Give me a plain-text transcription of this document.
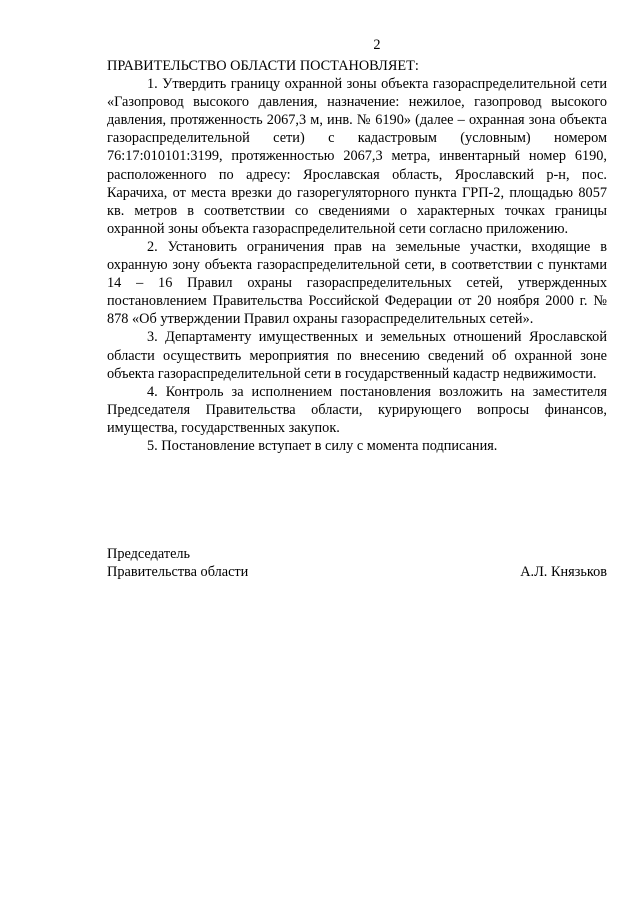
2

ПРАВИТЕЛЬСТВО ОБЛАСТИ ПОСТАНОВЛЯЕТ:

1. Утвердить границу охранной зоны объекта газораспределительной сети «Газопровод высокого давления, назначение: нежилое, газопровод высокого давления, протяженность 2067,3 м, инв. № 6190» (далее – охранная зона объекта газораспределительной сети) с кадастровым (условным) номером 76:17:010101:3199, протяженностью 2067,3 метра, инвентарный номер 6190, расположенного по адресу: Ярославская область, Ярославский р-н, пос. Карачиха, от места врезки до газорегуляторного пункта ГРП-2, площадью 8057 кв. метров в соответствии со сведениями о характерных точках границы охранной зоны объекта газораспределительной сети согласно приложению.

2. Установить ограничения прав на земельные участки, входящие в охранную зону объекта газораспределительной сети, в соответствии с пунктами 14 – 16 Правил охраны газораспределительных сетей, утвержденных постановлением Правительства Российской Федерации от 20 ноября 2000 г. № 878 «Об утверждении Правил охраны газораспределительных сетей».

3. Департаменту имущественных и земельных отношений Ярославской области осуществить мероприятия по внесению сведений об охранной зоне объекта газораспределительной сети в государственный кадастр недвижимости.

4. Контроль за исполнением постановления возложить на заместителя Председателя Правительства области, курирующего вопросы финансов, имущества, государственных закупок.

5. Постановление вступает в силу с момента подписания.

Председатель
Правительства области	А.Л. Князьков
